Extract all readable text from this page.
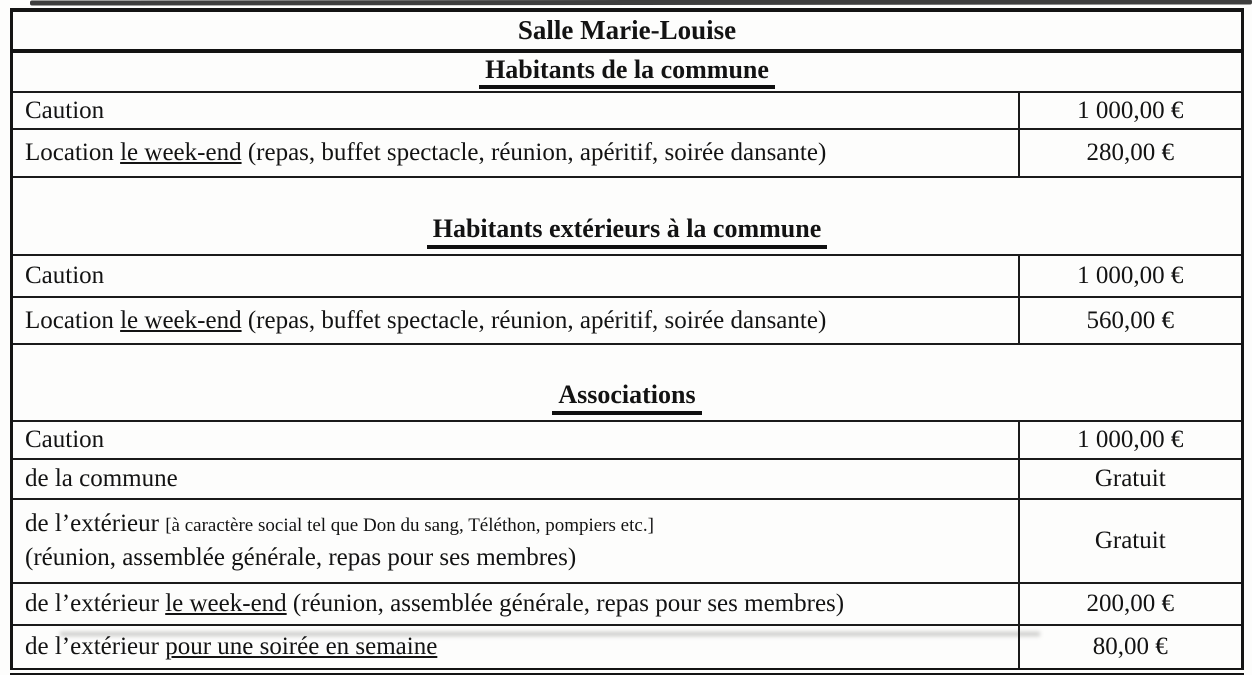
Salle Marie-Louise	
Habitants de la commune	
Caution	1 000,00 €
Location le week-end (repas, buffet spectacle, réunion, apéritif, soirée dansante)	280,00 €
Habitants extérieurs à la commune	
Caution	1 000,00 €
Location le week-end (repas, buffet spectacle, réunion, apéritif, soirée dansante)	560,00 €
Associations	
Caution	1 000,00 €
de la commune	Gratuit
de l’extérieur [à caractère social tel que Don du sang, Téléthon, pompiers etc.]
(réunion, assemblée générale, repas pour ses membres)	Gratuit
de l’extérieur le week-end (réunion, assemblée générale, repas pour ses membres)	200,00 €
de l’extérieur pour une soirée en semaine	80,00 €
